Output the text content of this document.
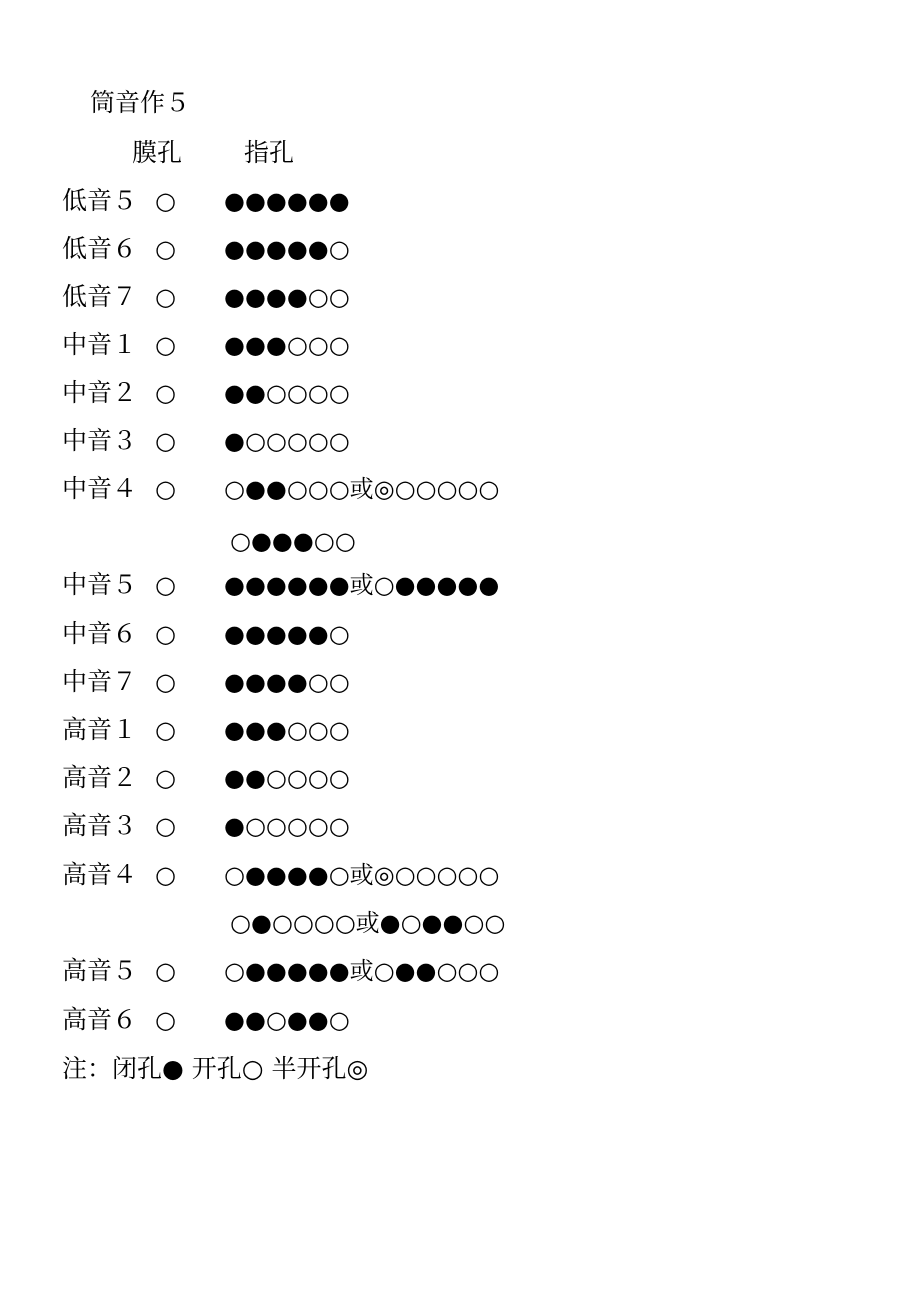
筒音作５
膜孔 指孔
低音５ ○ ●●●●●●
低音６ ○ ●●●●●○
低音７ ○ ●●●●○○
中音１ ○ ●●●○○○
中音２ ○ ●●○○○○
中音３ ○ ●○○○○○
中音４ ○ ○●●○○○或◎○○○○○
○●●●○○
中音５ ○ ●●●●●●或○●●●●●
中音６ ○ ●●●●●○
中音７ ○ ●●●●○○
高音１ ○ ●●●○○○
高音２ ○ ●●○○○○
高音３ ○ ●○○○○○
高音４ ○ ○●●●●○或◎○○○○○
○●○○○○或●○●●○○
高音５ ○ ○●●●●●或○●●○○○
高音６ ○ ●●○●●○
注：闭孔● 开孔○ 半开孔◎
